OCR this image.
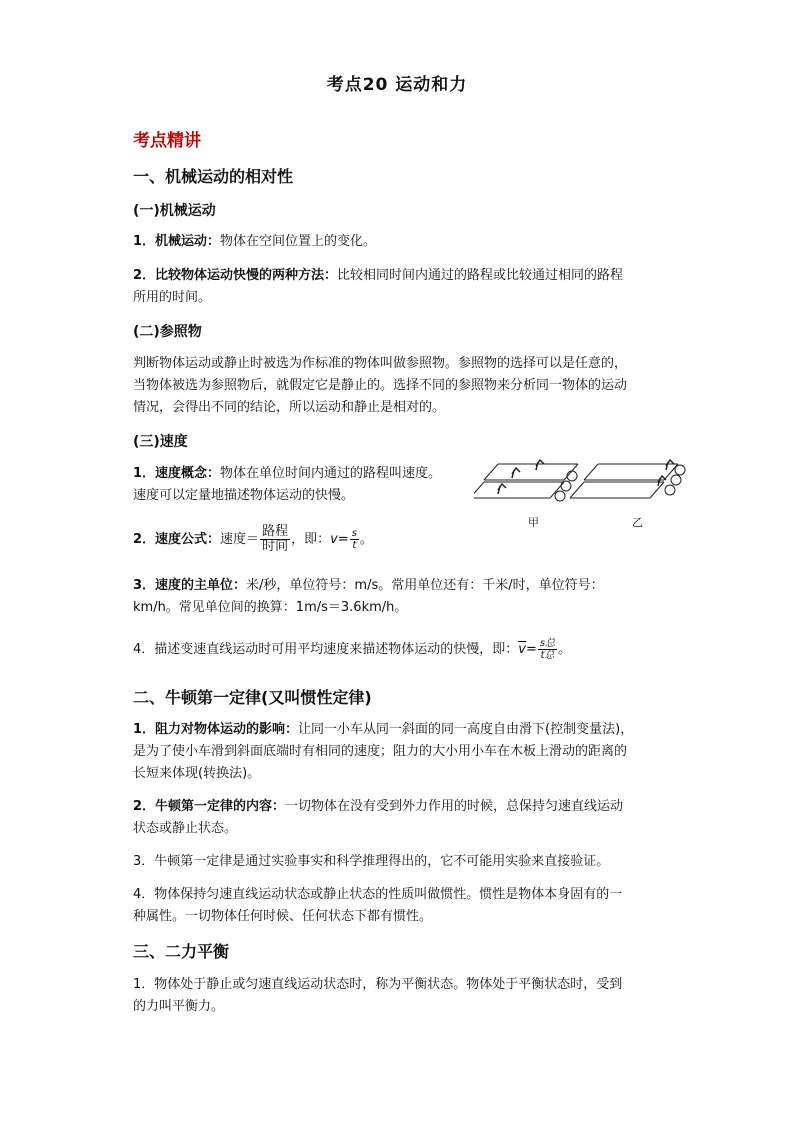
考点20 运动和力
考点精讲
一、机械运动的相对性
(一)机械运动
1．机械运动：物体在空间位置上的变化。
2．比较物体运动快慢的两种方法：比较相同时间内通过的路程或比较通过相同的路程
所用的时间。
(二)参照物
判断物体运动或静止时被选为作标准的物体叫做参照物。参照物的选择可以是任意的，
当物体被选为参照物后，就假定它是静止的。选择不同的参照物来分析同一物体的运动
情况，会得出不同的结论，所以运动和静止是相对的。
(三)速度
1．速度概念：物体在单位时间内通过的路程叫速度。
速度可以定量地描述物体运动的快慢。
甲	乙
2．速度公式：速度＝ $\frac{\text{路程}}{\text{时间}}$ ，即：$v= \frac{s}{t}$ 。
3．速度的主单位：米/秒，单位符号：m/s。常用单位还有：千米/时，单位符号：
km/h。常见单位间的换算：1m/s＝3.6km/h。
4．描述变速直线运动时可用平均速度来描述物体运动的快慢，即：$\overline{v}= \frac{\text{s总}}{\text{t总}}$ 。
二、牛顿第一定律(又叫惯性定律)
1．阻力对物体运动的影响：让同一小车从同一斜面的同一高度自由滑下(控制变量法)，
是为了使小车滑到斜面底端时有相同的速度；阻力的大小用小车在木板上滑动的距离的
长短来体现(转换法)。
2．牛顿第一定律的内容：一切物体在没有受到外力作用的时候，总保持匀速直线运动
状态或静止状态。
3．牛顿第一定律是通过实验事实和科学推理得出的，它不可能用实验来直接验证。
4．物体保持匀速直线运动状态或静止状态的性质叫做惯性。惯性是物体本身固有的一
种属性。一切物体任何时候、任何状态下都有惯性。
三、二力平衡
1．物体处于静止或匀速直线运动状态时，称为平衡状态。物体处于平衡状态时，受到
的力叫平衡力。
